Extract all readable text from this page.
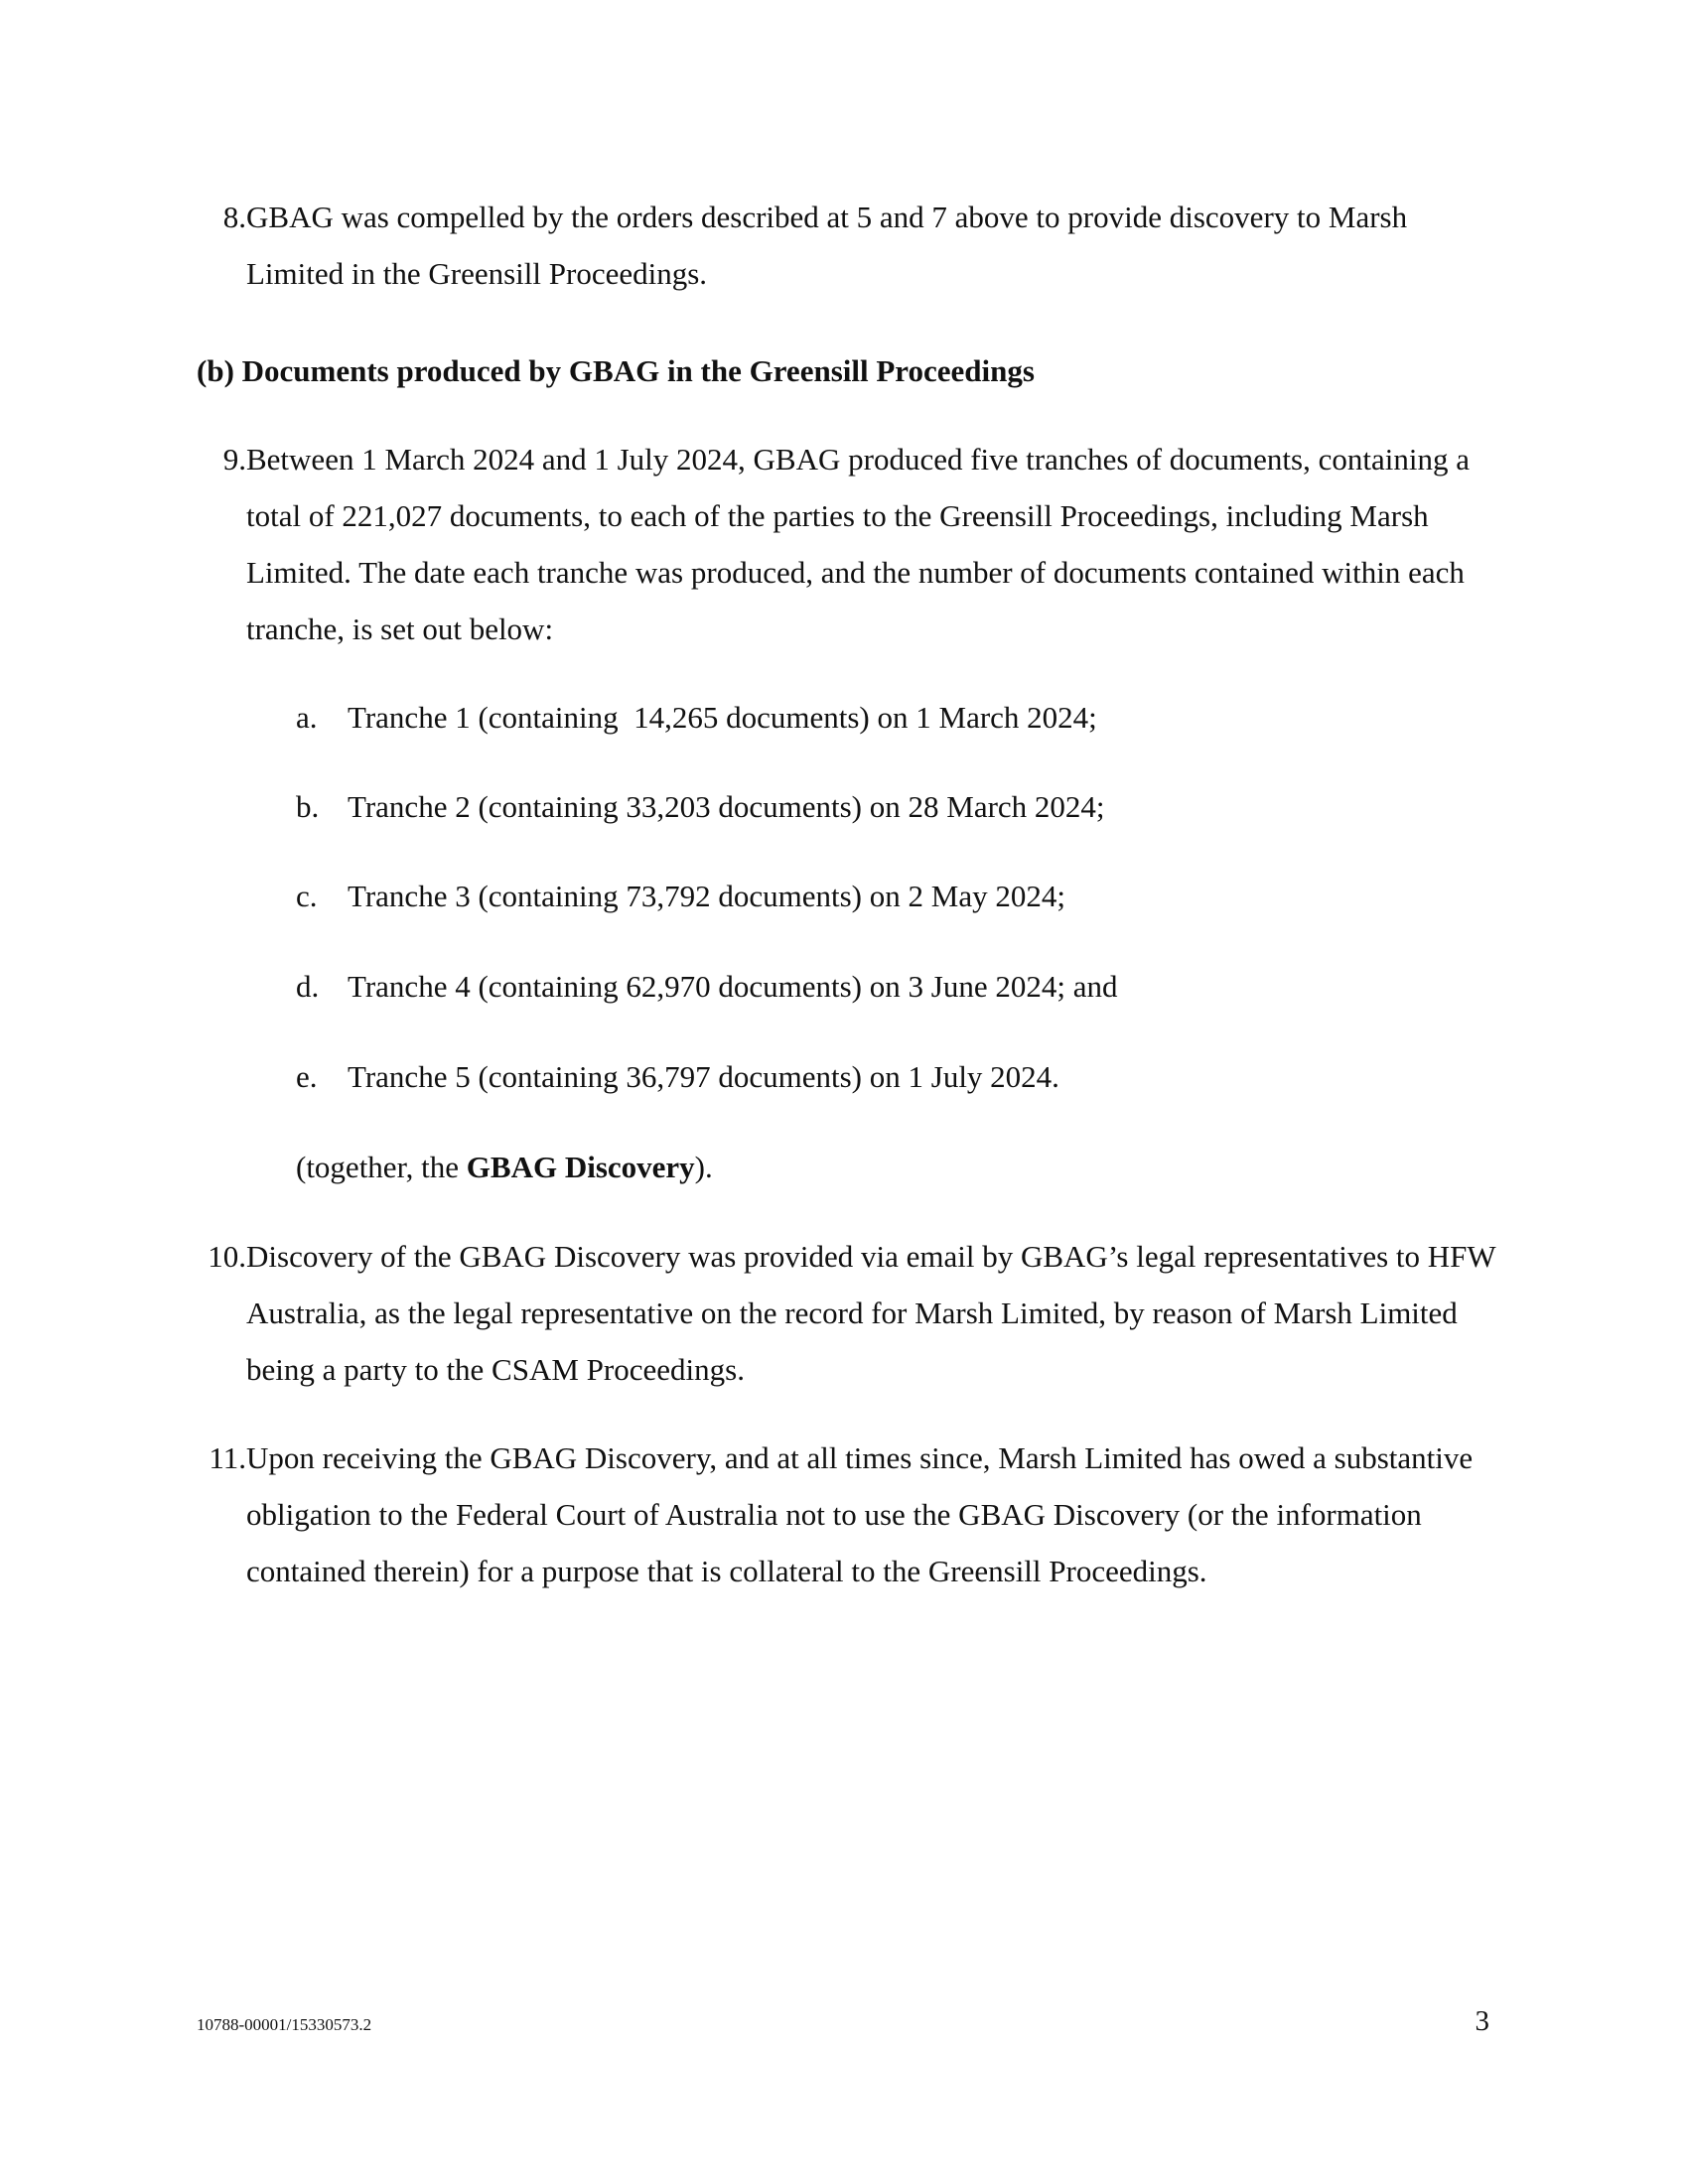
8. GBAG was compelled by the orders described at 5 and 7 above to provide discovery to Marsh Limited in the Greensill Proceedings.
(b) Documents produced by GBAG in the Greensill Proceedings
9. Between 1 March 2024 and 1 July 2024, GBAG produced five tranches of documents, containing a total of 221,027 documents, to each of the parties to the Greensill Proceedings, including Marsh Limited. The date each tranche was produced, and the number of documents contained within each tranche, is set out below:
a. Tranche 1 (containing  14,265 documents) on 1 March 2024;
b. Tranche 2 (containing 33,203 documents) on 28 March 2024;
c. Tranche 3 (containing 73,792 documents) on 2 May 2024;
d. Tranche 4 (containing 62,970 documents) on 3 June 2024; and
e. Tranche 5 (containing 36,797 documents) on 1 July 2024.
(together, the GBAG Discovery).
10. Discovery of the GBAG Discovery was provided via email by GBAG’s legal representatives to HFW Australia, as the legal representative on the record for Marsh Limited, by reason of Marsh Limited being a party to the CSAM Proceedings.
11. Upon receiving the GBAG Discovery, and at all times since, Marsh Limited has owed a substantive obligation to the Federal Court of Australia not to use the GBAG Discovery (or the information contained therein) for a purpose that is collateral to the Greensill Proceedings.
10788-00001/15330573.2	3
